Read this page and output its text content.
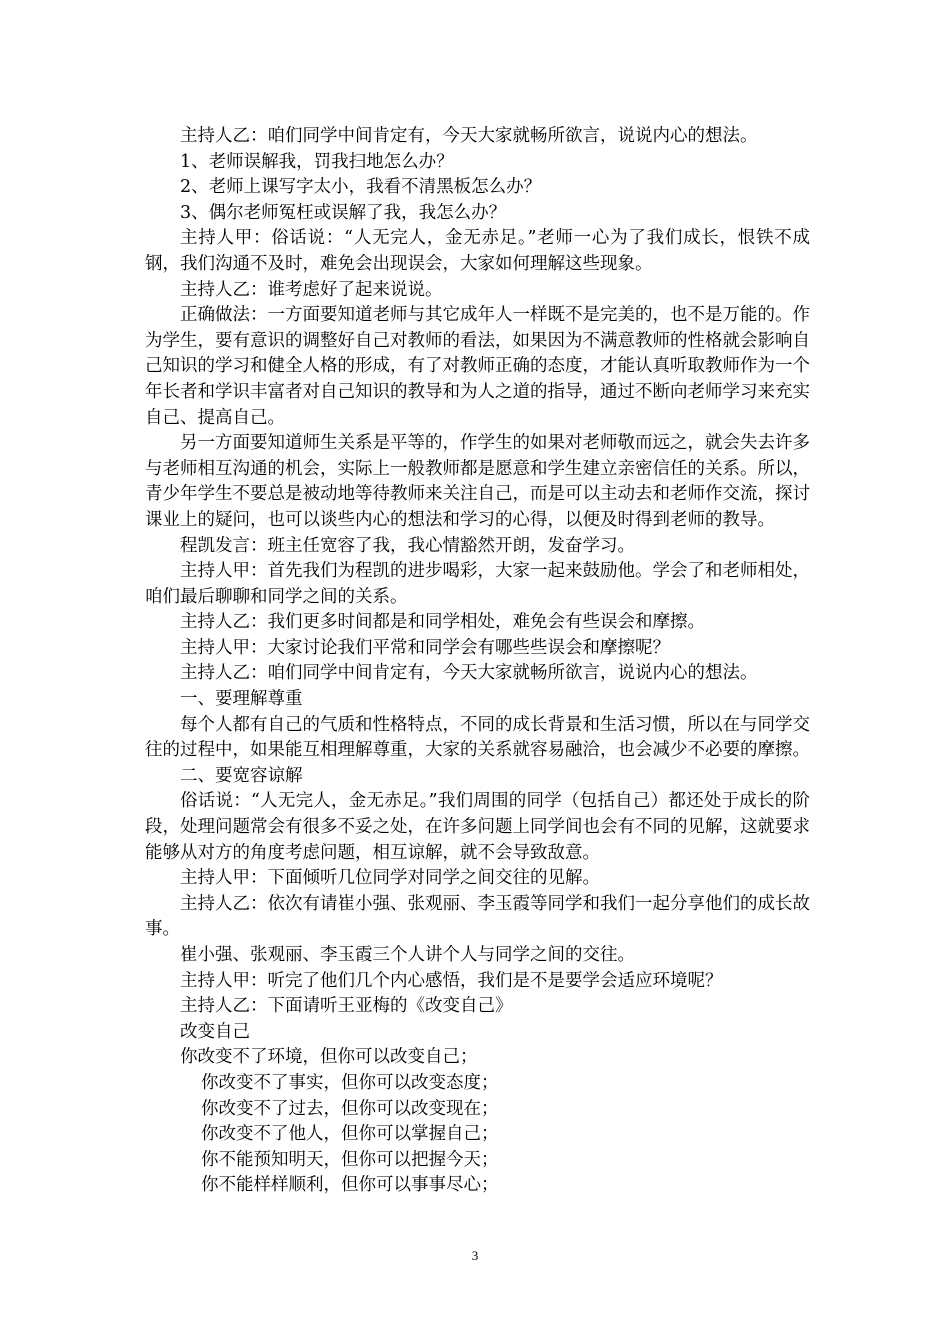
主持人乙：咱们同学中间肯定有，今天大家就畅所欲言，说说内心的想法。

1、老师误解我，罚我扫地怎么办？

2、老师上课写字太小，我看不清黑板怎么办？

3、偶尔老师冤枉或误解了我，我怎么办？

主持人甲：俗话说：“人无完人，金无赤足。”老师一心为了我们成长，恨铁不成钢，我们沟通不及时，难免会出现误会，大家如何理解这些现象。

主持人乙：谁考虑好了起来说说。

正确做法：一方面要知道老师与其它成年人一样既不是完美的，也不是万能的。作为学生，要有意识的调整好自己对教师的看法，如果因为不满意教师的性格就会影响自己知识的学习和健全人格的形成，有了对教师正确的态度，才能认真听取教师作为一个年长者和学识丰富者对自己知识的教导和为人之道的指导，通过不断向老师学习来充实自己、提高自己。

另一方面要知道师生关系是平等的，作学生的如果对老师敬而远之，就会失去许多与老师相互沟通的机会，实际上一般教师都是愿意和学生建立亲密信任的关系。所以，青少年学生不要总是被动地等待教师来关注自己，而是可以主动去和老师作交流，探讨课业上的疑问，也可以谈些内心的想法和学习的心得，以便及时得到老师的教导。

程凯发言：班主任宽容了我，我心情豁然开朗，发奋学习。

主持人甲：首先我们为程凯的进步喝彩，大家一起来鼓励他。学会了和老师相处，咱们最后聊聊和同学之间的关系。

主持人乙：我们更多时间都是和同学相处，难免会有些误会和摩擦。

主持人甲：大家讨论我们平常和同学会有哪些些误会和摩擦呢？

主持人乙：咱们同学中间肯定有，今天大家就畅所欲言，说说内心的想法。

一、要理解尊重

每个人都有自己的气质和性格特点，不同的成长背景和生活习惯，所以在与同学交往的过程中，如果能互相理解尊重，大家的关系就容易融洽，也会减少不必要的摩擦。

二、要宽容谅解

俗话说：“人无完人，金无赤足。”我们周围的同学（包括自己）都还处于成长的阶段，处理问题常会有很多不妥之处，在许多问题上同学间也会有不同的见解，这就要求能够从对方的角度考虑问题，相互谅解，就不会导致敌意。

主持人甲：下面倾听几位同学对同学之间交往的见解。

主持人乙：依次有请崔小强、张观丽、李玉霞等同学和我们一起分享他们的成长故事。

崔小强、张观丽、李玉霞三个人讲个人与同学之间的交往。

主持人甲：听完了他们几个内心感悟，我们是不是要学会适应环境呢？

主持人乙：下面请听王亚梅的《改变自己》

改变自己

你改变不了环境，但你可以改变自己；

你改变不了事实，但你可以改变态度；

你改变不了过去，但你可以改变现在；

你改变不了他人，但你可以掌握自己；

你不能预知明天，但你可以把握今天；

你不能样样顺利，但你可以事事尽心；

3
